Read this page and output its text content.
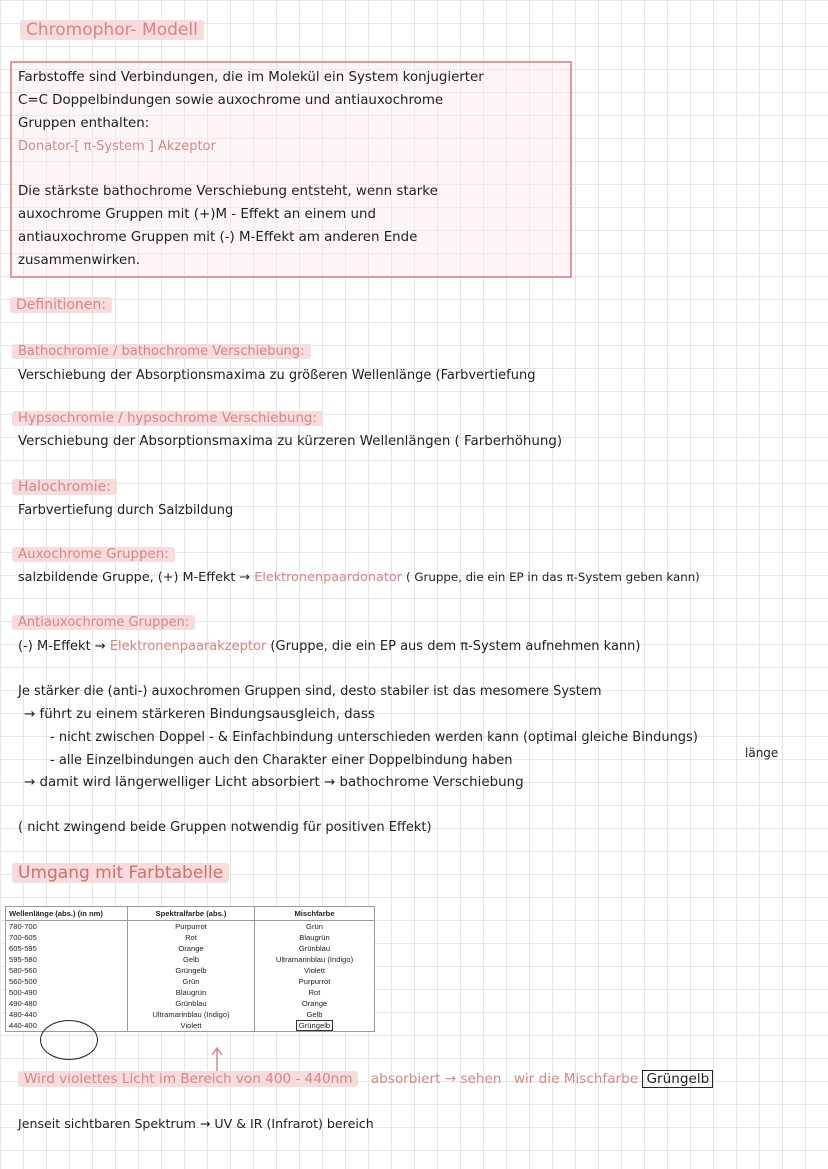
Chromophor- Modell
Farbstoffe sind Verbindungen, die im Molekül ein System konjugierter
C=C Doppelbindungen sowie auxochrome und antiauxochrome
Gruppen enthalten:
Donator-[ π-System ] Akzeptor
Die stärkste bathochrome Verschiebung entsteht, wenn starke
auxochrome Gruppen mit (+)M - Effekt an einem und
antiauxochrome Gruppen mit (-) M-Effekt am anderen Ende
zusammenwirken.
Definitionen:
Bathochromie / bathochrome Verschiebung:
Verschiebung der Absorptionsmaxima zu größeren Wellenlänge (Farbvertiefung
Hypsochromie / hypsochrome Verschiebung:
Verschiebung der Absorptionsmaxima zu kürzeren Wellenlängen ( Farberhöhung)
Halochromie:
Farbvertiefung durch Salzbildung
Auxochrome Gruppen:
salzbildende Gruppe, (+) M-Effekt → Elektronenpaardonator ( Gruppe, die ein EP in das π-System geben kann)
Antiauxochrome Gruppen:
(-) M-Effekt → Elektronenpaarakzeptor (Gruppe, die ein EP aus dem π-System aufnehmen kann)
Je stärker die (anti-) auxochromen Gruppen sind, desto stabiler ist das mesomere System
→ führt zu einem stärkeren Bindungsausgleich, dass
- nicht zwischen Doppel - & Einfachbindung unterschieden werden kann (optimal gleiche Bindungs)
länge
- alle Einzelbindungen auch den Charakter einer Doppelbindung haben
→ damit wird längerwelliger Licht absorbiert → bathochrome Verschiebung
( nicht zwingend beide Gruppen notwendig für positiven Effekt)
Umgang mit Farbtabelle
Wellenlänge (abs.) (in nm)	Spektralfarbe (abs.)	Mischfarbe
780-700	Purpurrot	Grün
700-605	Rot	Blaugrün
605-595	Orange	Grünblau
595-580	Gelb	Ultramarinblau (Indigo)
580-560	Grüngelb	Violett
560-500	Grün	Purpurrot
500-490	Blaugrün	Rot
490-480	Grünblau	Orange
480-440	Ultramarinblau (Indigo)	Gelb
440-400	Violett	Grüngelb
Wird violettes Licht im Bereich von 400 - 440nm absorbiert → sehen wir die Mischfarbe Grüngelb
Jenseit sichtbaren Spektrum → UV & IR (Infrarot) bereich
